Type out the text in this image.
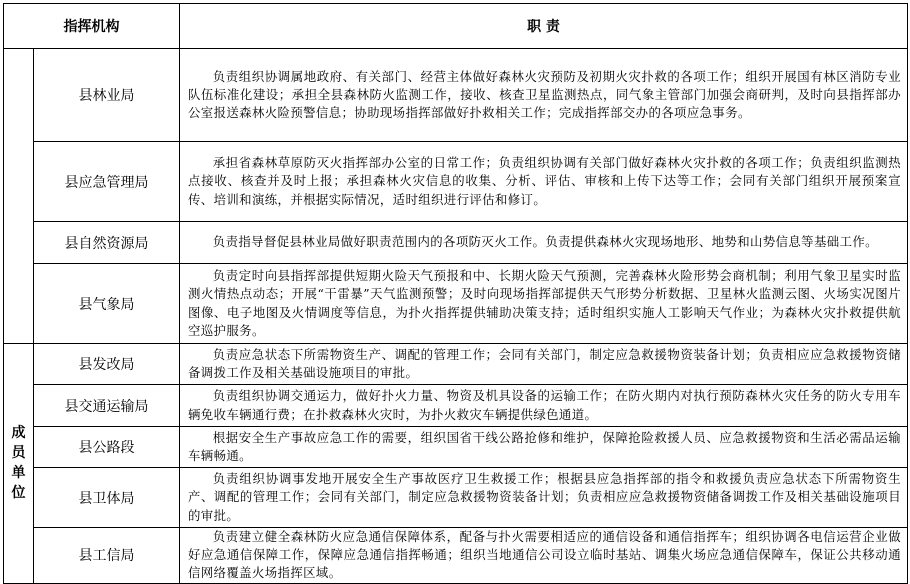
指挥机构		职 责
	县林业局	负责组织协调属地政府、有关部门、经营主体做好森林火灾预防及初期火灾扑救的各项工作；组织开展国有林区消防专业队伍标准化建设；承担全县森林防火监测工作，接收、核查卫星监测热点，同气象主管部门加强会商研判，及时向县指挥部办公室报送森林火险预警信息；协助现场指挥部做好扑救相关工作；完成指挥部交办的各项应急事务。

	县应急管理局	承担省森林草原防灭火指挥部办公室的日常工作；负责组织协调有关部门做好森林火灾扑救的各项工作；负责组织监测热点接收、核查并及时上报；承担森林火灾信息的收集、分析、评估、审核和上传下达等工作；会同有关部门组织开展预案宣传、培训和演练，并根据实际情况，适时组织进行评估和修订。

	县自然资源局	负责指导督促县林业局做好职责范围内的各项防灭火工作。负责提供森林火灾现场地形、地势和山势信息等基础工作。

	县气象局	负责定时向县指挥部提供短期火险天气预报和中、长期火险天气预测，完善森林火险形势会商机制；利用气象卫星实时监测火情热点动态；开展“干雷暴”天气监测预警；及时向现场指挥部提供天气形势分析数据、卫星林火监测云图、火场实况图片图像、电子地图及火情调度等信息，为扑火指挥提供辅助决策支持；适时组织实施人工影响天气作业；为森林火灾扑救提供航空巡护服务。

成
员
单
位	县发改局	负责应急状态下所需物资生产、调配的管理工作；会同有关部门，制定应急救援物资装备计划；负责相应应急救援物资储备调拨工作及相关基础设施项目的审批。

	县交通运输局	负责组织协调交通运力，做好扑火力量、物资及机具设备的运输工作；在防火期内对执行预防森林火灾任务的防火专用车辆免收车辆通行费；在扑救森林火灾时，为扑火救灾车辆提供绿色通道。

	县公路段	根据安全生产事故应急工作的需要，组织国省干线公路抢修和维护，保障抢险救援人员、应急救援物资和生活必需品运输车辆畅通。

	县卫体局	负责组织协调事发地开展安全生产事故医疗卫生救援工作；根据县应急指挥部的指令和救援负责应急状态下所需物资生产、调配的管理工作；会同有关部门，制定应急救援物资装备计划；负责相应应急救援物资储备调拨工作及相关基础设施项目的审批。

	县工信局	负责建立健全森林防火应急通信保障体系，配备与扑火需要相适应的通信设备和通信指挥车；组织协调各电信运营企业做好应急通信保障工作，保障应急通信指挥畅通；组织当地通信公司设立临时基站、调集火场应急通信保障车，保证公共移动通信网络覆盖火场指挥区域。
